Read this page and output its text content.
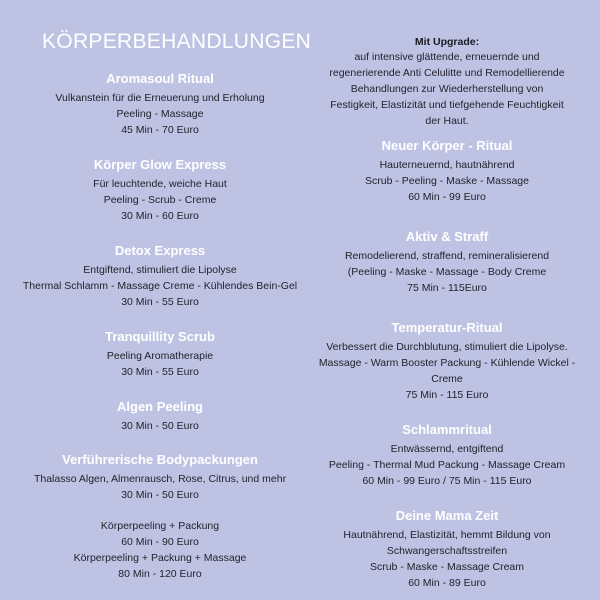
KÖRPERBEHANDLUNGEN
Aromasoul Ritual
Vulkanstein für die Erneuerung und Erholung
Peeling - Massage
45 Min - 70 Euro
Körper Glow Express
Für leuchtende, weiche Haut
Peeling - Scrub - Creme
30 Min - 60 Euro
Detox Express
Entgiftend, stimuliert die Lipolyse
Thermal Schlamm - Massage Creme - Kühlendes Bein-Gel
30 Min - 55 Euro
Tranquillity Scrub
Peeling Aromatherapie
30 Min - 55 Euro
Algen Peeling
30 Min - 50 Euro
Verführerische Bodypackungen
Thalasso Algen, Almenrausch, Rose, Citrus, und mehr
30 Min - 50 Euro
Körperpeeling + Packung
60 Min - 90 Euro
Körperpeeling + Packung + Massage
80 Min - 120 Euro
Mit Upgrade:
auf intensive glättende, erneuernde und
regenerierende Anti Celulitte und Remodellierende
Behandlungen zur Wiederherstellung von
Festigkeit, Elastizität und tiefgehende Feuchtigkeit
der Haut.
Neuer Körper - Ritual
Hauterneuernd, hautnährend
Scrub - Peeling - Maske - Massage
60 Min - 99 Euro
Aktiv & Straff
Remodelierend, straffend, remineralisierend
(Peeling - Maske - Massage - Body Creme
75 Min - 115Euro
Temperatur-Ritual
Verbessert die Durchblutung, stimuliert die Lipolyse.
Massage - Warm Booster Packung - Kühlende Wickel -
Creme
75 Min - 115 Euro
Schlammritual
Entwässernd, entgiftend
Peeling - Thermal Mud Packung - Massage Cream
60 Min - 99 Euro / 75 Min - 115 Euro
Deine Mama Zeit
Hautnährend, Elastizität, hemmt Bildung von
Schwangerschaftsstreifen
Scrub - Maske - Massage Cream
60 Min - 89 Euro
